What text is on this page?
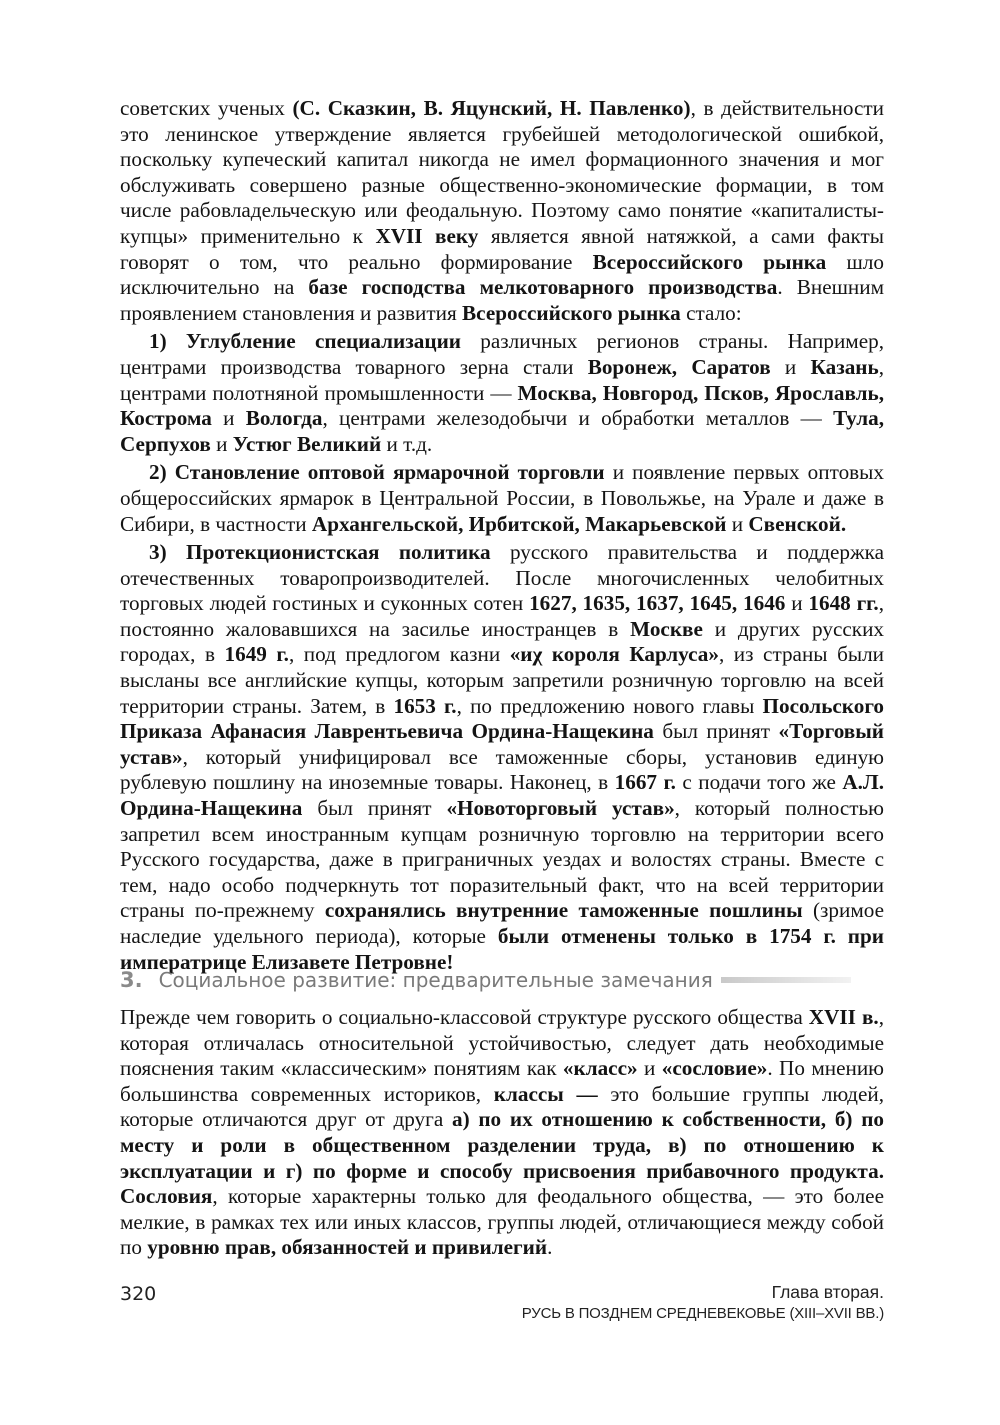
советских ученых (С. Сказкин, В. Яцунский, Н. Павленко), в действительности это ленинское утверждение является грубейшей методологической ошибкой, поскольку купеческий капитал никогда не имел формационного значения и мог обслуживать совершено разные общественно-экономические формации, в том числе рабовладельческую или феодальную. Поэтому само понятие «капиталисты-купцы» применительно к XVII веку является явной натяжкой, а сами факты говорят о том, что реально формирование Всероссийского рынка шло исключительно на базе господства мелкотоварного производства. Внешним проявлением становления и развития Всероссийского рынка стало:

1) Углубление специализации различных регионов страны. Например, центрами производства товарного зерна стали Воронеж, Саратов и Казань, центрами полотняной промышленности — Москва, Новгород, Псков, Ярославль, Кострома и Вологда, центрами железодобычи и обработки металлов — Тула, Серпухов и Устюг Великий и т.д.

2) Становление оптовой ярмарочной торговли и появление первых оптовых общероссийских ярмарок в Центральной России, в Повольжье, на Урале и даже в Сибири, в частности Архангельской, Ирбитской, Макарьевской и Свенской.

3) Протекционистская политика русского правительства и поддержка отечественных товаропроизводителей. После многочисленных челобитных торговых людей гостиных и суконных сотен 1627, 1635, 1637, 1645, 1646 и 1648 гг., постоянно жаловавшихся на засилье иностранцев в Москве и других русских городах, в 1649 г., под предлогом казни «иχ короля Карлуса», из страны были высланы все английские купцы, которым запретили розничную торговлю на всей территории страны. Затем, в 1653 г., по предложению нового главы Посольского Приказа Афанасия Лаврентьевича Ордина-Нащекина был принят «Торговый устав», который унифицировал все таможенные сборы, установив единую рублевую пошлину на иноземные товары. Наконец, в 1667 г. с подачи того же А.Л. Ордина-Нащекина был принят «Новоторговый устав», который полностью запретил всем иностранным купцам розничную торговлю на территории всего Русского государства, даже в приграничных уездах и волостях страны. Вместе с тем, надо особо подчеркнуть тот поразительный факт, что на всей территории страны по-прежнему сохранялись внутренние таможенные пошлины (зримое наследие удельного периода), которые были отменены только в 1754 г. при императрице Елизавете Петровне!

3. Социальное развитие: предварительные замечания

Прежде чем говорить о социально-классовой структуре русского общества XVII в., которая отличалась относительной устойчивостью, следует дать необходимые пояснения таким «классическим» понятиям как «класс» и «сословие». По мнению большинства современных историков, классы — это большие группы людей, которые отличаются друг от друга а) по их отношению к собственности, б) по месту и роли в общественном разделении труда, в) по отношению к эксплуатации и г) по форме и способу присвоения прибавочного продукта. Сословия, которые характерны только для феодального общества, — это более мелкие, в рамках тех или иных классов, группы людей, отличающиеся между собой по уровню прав, обязанностей и привилегий.

320	Глава вторая.
РУСЬ В ПОЗДНЕМ СРЕДНЕВЕКОВЬЕ (XIII–XVII ВВ.)
